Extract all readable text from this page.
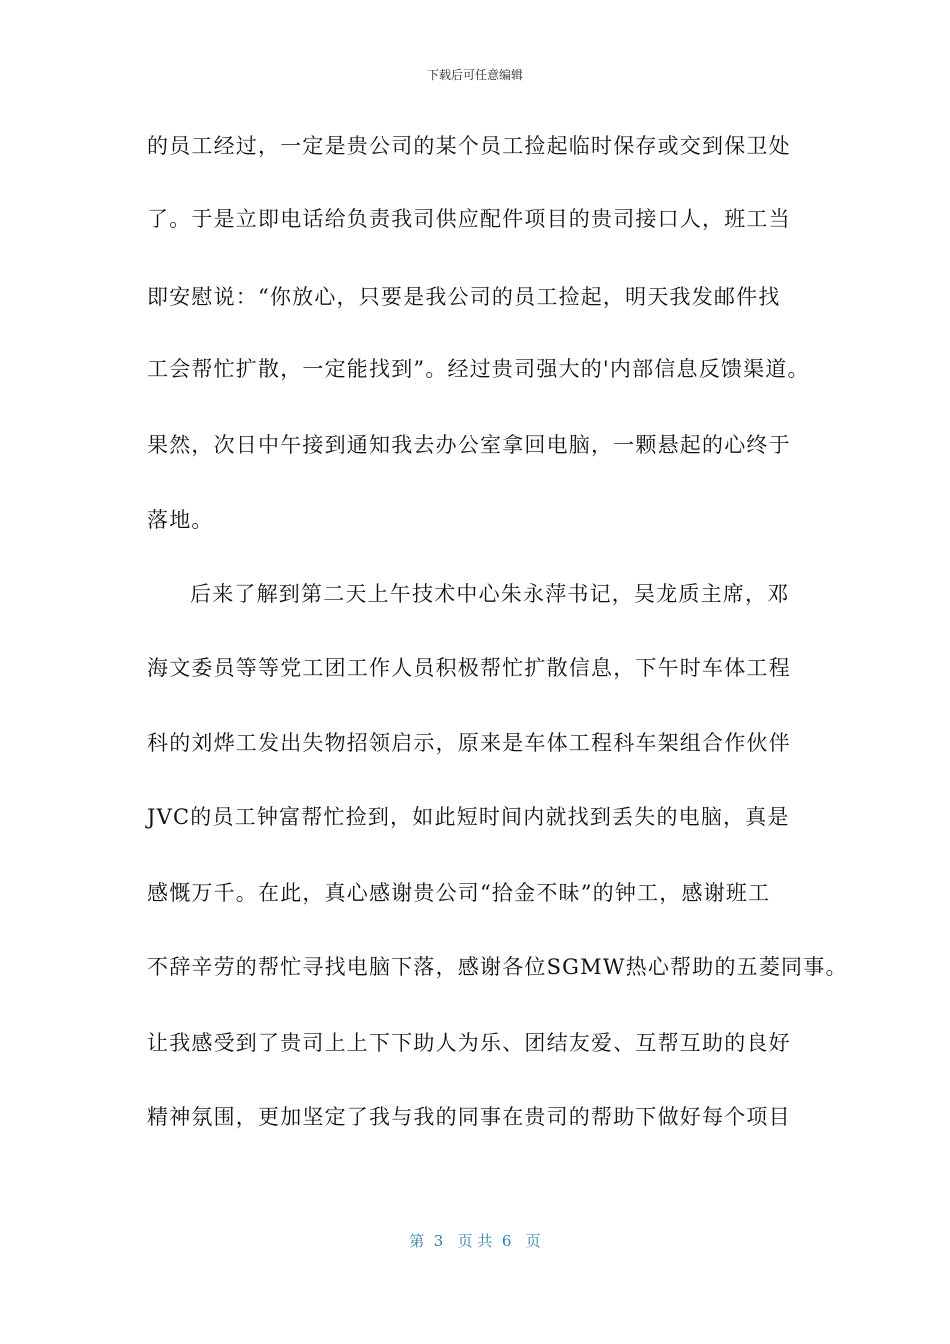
下载后可任意编辑
的员工经过，一定是贵公司的某个员工捡起临时保存或交到保卫处
了。于是立即电话给负责我司供应配件项目的贵司接口人，班工当
即安慰说：“你放心，只要是我公司的员工捡起，明天我发邮件找
工会帮忙扩散，一定能找到”。经过贵司强大的'内部信息反馈渠道。
果然，次日中午接到通知我去办公室拿回电脑，一颗悬起的心终于
落地。
后来了解到第二天上午技术中心朱永萍书记，吴龙质主席，邓
海文委员等等党工团工作人员积极帮忙扩散信息，下午时车体工程
科的刘烨工发出失物招领启示，原来是车体工程科车架组合作伙伴
JVC的员工钟富帮忙捡到，如此短时间内就找到丢失的电脑，真是
感慨万千。在此，真心感谢贵公司“拾金不昧”的钟工，感谢班工
不辞辛劳的帮忙寻找电脑下落，感谢各位SGMW热心帮助的五菱同事。
让我感受到了贵司上上下下助人为乐、团结友爱、互帮互助的良好
精神氛围，更加坚定了我与我的同事在贵司的帮助下做好每个项目
第  3   页 共  6   页
